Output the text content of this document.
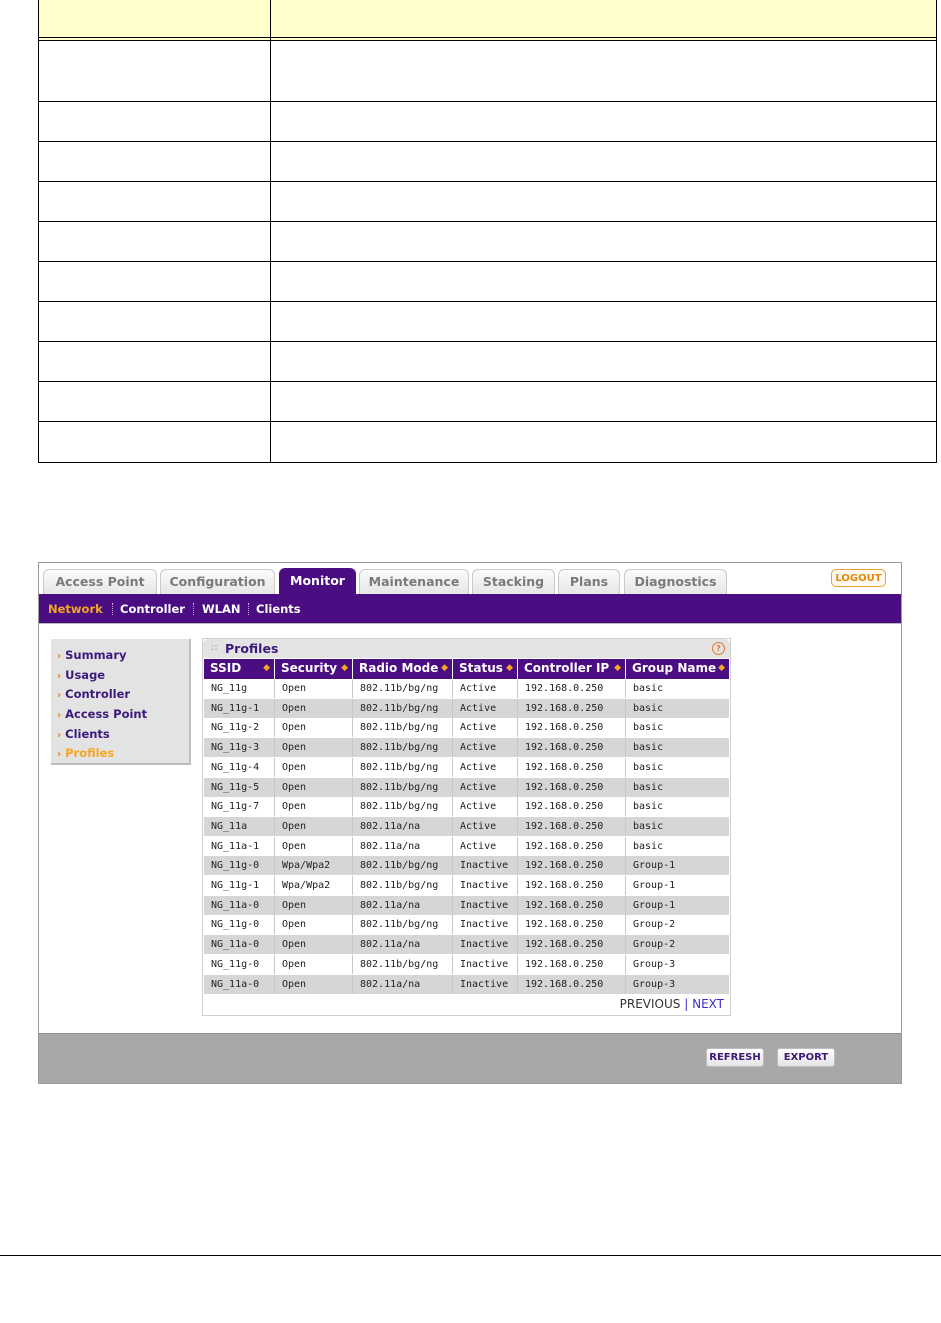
Access Point	Configuration	Monitor	Maintenance	Stacking	Plans	Diagnostics	LOGOUT
Network Controller WLAN Clients
› Summary
› Usage
› Controller
› Access Point
› Clients
› Profiles
:: Profiles	?
SSID ◆ Security ◆ Radio Mode ◆ Status ◆ Controller IP ◆ Group Name ◆
NG_11g	Open	802.11b/bg/ng	Active	192.168.0.250	basic
NG_11g-1	Open	802.11b/bg/ng	Active	192.168.0.250	basic
NG_11g-2	Open	802.11b/bg/ng	Active	192.168.0.250	basic
NG_11g-3	Open	802.11b/bg/ng	Active	192.168.0.250	basic
NG_11g-4	Open	802.11b/bg/ng	Active	192.168.0.250	basic
NG_11g-5	Open	802.11b/bg/ng	Active	192.168.0.250	basic
NG_11g-7	Open	802.11b/bg/ng	Active	192.168.0.250	basic
NG_11a	Open	802.11a/na	Active	192.168.0.250	basic
NG_11a-1	Open	802.11a/na	Active	192.168.0.250	basic
NG_11g-0	Wpa/Wpa2	802.11b/bg/ng	Inactive	192.168.0.250	Group-1
NG_11g-1	Wpa/Wpa2	802.11b/bg/ng	Inactive	192.168.0.250	Group-1
NG_11a-0	Open	802.11a/na	Inactive	192.168.0.250	Group-1
NG_11g-0	Open	802.11b/bg/ng	Inactive	192.168.0.250	Group-2
NG_11a-0	Open	802.11a/na	Inactive	192.168.0.250	Group-2
NG_11g-0	Open	802.11b/bg/ng	Inactive	192.168.0.250	Group-3
NG_11a-0	Open	802.11a/na	Inactive	192.168.0.250	Group-3
PREVIOUS | NEXT
REFRESH	EXPORT
